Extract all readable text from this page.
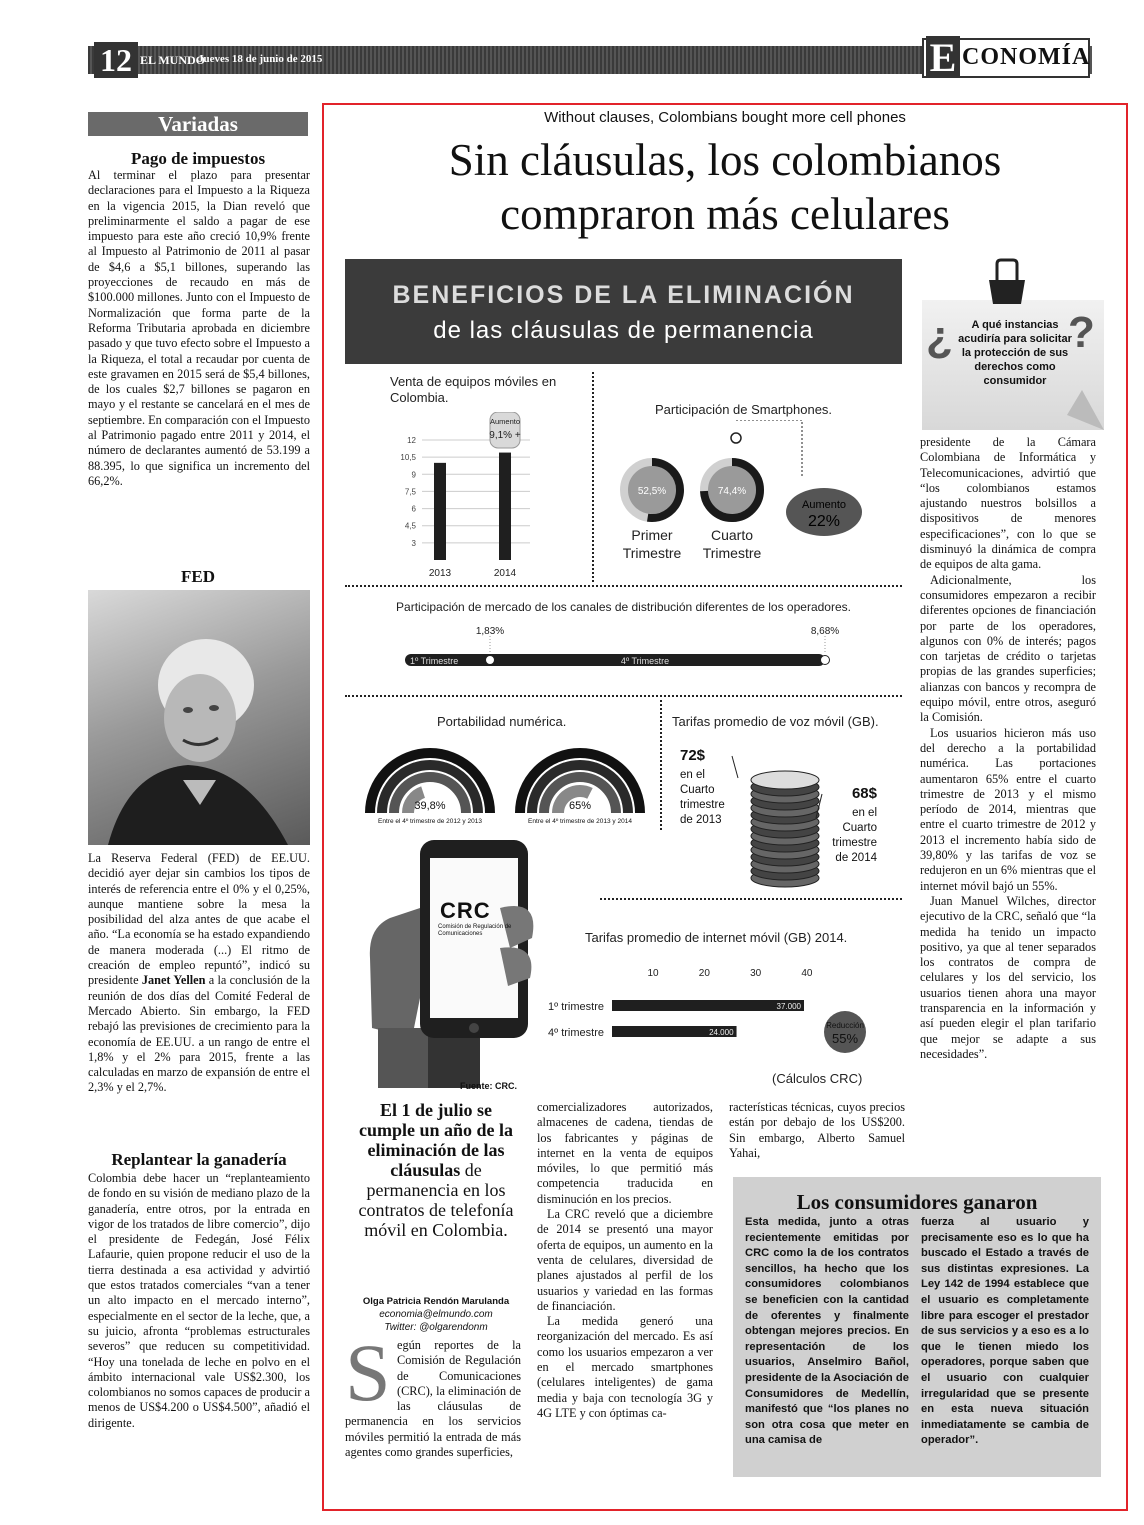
12 EL MUNDO
Jueves 18 de junio de 2015	E CONOMÍA
Variadas
Pago de impuestos
Al terminar el plazo para presentar declaraciones para el Impuesto a la Riqueza en la vigencia 2015, la Dian reveló que preliminarmente el saldo a pagar de ese impuesto para este año creció 10,9% frente al Impuesto al Patrimonio de 2011 al pasar de $4,6 a $5,1 billones, superando las proyecciones de recaudo en más de $100.000 millones. Junto con el Impuesto de Normalización que forma parte de la Reforma Tributaria aprobada en diciembre pasado y que tuvo efecto sobre el Impuesto a la Riqueza, el total a recaudar por cuenta de este gravamen en 2015 será de $5,4 billones, de los cuales $2,7 billones se pagaron en mayo y el restante se cancelará en el mes de septiembre. En comparación con el Impuesto al Patrimonio pagado entre 2011 y 2014, el número de declarantes aumentó de 53.199 a 88.395, lo que significa un incremento del 66,2%.
FED
La Reserva Federal (FED) de EE.UU. decidió ayer dejar sin cambios los tipos de interés de referencia entre el 0% y el 0,25%, aunque mantiene sobre la mesa la posibilidad del alza antes de que acabe el año. “La economía se ha estado expandiendo de manera moderada (...) El ritmo de creación de empleo repuntó”, indicó su presidente Janet Yellen a la conclusión de la reunión de dos días del Comité Federal de Mercado Abierto. Sin embargo, la FED rebajó las previsiones de crecimiento para la economía de EE.UU. a un rango de entre el 1,8% y el 2% para 2015, frente a las calculadas en marzo de expansión de entre el 2,3% y el 2,7%.
Replantear la ganadería
Colombia debe hacer un “replanteamiento de fondo en su visión de mediano plazo de la ganadería, entre otros, por la entrada en vigor de los tratados de libre comercio”, dijo el presidente de Fedegán, José Félix Lafaurie, quien propone reducir el uso de la tierra destinada a esa actividad y advirtió que estos tratados comerciales “van a tener un alto impacto en el mercado interno”, especialmente en el sector de la leche, que, a su juicio, afronta “problemas estructurales severos” que reducen su competitividad. “Hoy una tonelada de leche en polvo en el ámbito internacional vale US$2.300, los colombianos no somos capaces de producir a menos de US$4.200 o US$4.500”, añadió el dirigente.
Without clauses, Colombians bought more cell phones
Sin cláusulas, los colombianos
compraron más celulares
BENEFICIOS DE LA ELIMINACIÓN
de las cláusulas de permanencia	¿	?
A qué instancias acudiría para solicitar la protección de sus derechos como consumidor
Venta de equipos móviles en Colombia.
3
4,5
6
7,5
9
10,5
12
2013	2014
Aumento
9,1% +
Participación de Smartphones.
52,5%
Primer
Trimestre
74,4%
Cuarto
Trimestre
Aumento
22%
Participación de mercado de los canales de distribución diferentes de los operadores.
1º Trimestre	4º Trimestre
1,83%	8,68%
Portabilidad numérica.
39,8%
Entre el 4º trimestre de 2012 y 2013
65%
Entre el 4º trimestre de 2013 y 2014
Tarifas promedio de voz móvil (GB).
72$
en el
Cuarto
trimestre
de 2013
68$
en el
Cuarto
trimestre
de 2014
CRC
Comisión de Regulación de Comunicaciones
Fuente: CRC.
Tarifas promedio de internet móvil (GB) 2014.
10	20	30	40
1º trimestre	37.000
4º trimestre	24.000
Reducción
55%
(Cálculos CRC)
El 1 de julio se cumple un año de la eliminación de las cláusulas de permanencia en los contratos de telefonía móvil en Colombia.
Olga Patricia Rendón Marulanda
economia@elmundo.com
Twitter: @olgarendonm
S egún reportes de la Comisión de Regulación de Comunicaciones (CRC), la eliminación de las cláusulas de permanencia en los servicios móviles permitió la entrada de más agentes como grandes superficies,

comercializadores autorizados, almacenes de cadena, tiendas de los fabricantes y páginas de internet en la venta de equipos móviles, lo que permitió más competencia traducida en disminución en los precios.

La CRC reveló que a diciembre de 2014 se presentó una mayor oferta de equipos, un aumento en la venta de celulares, diversidad de planes ajustados al perfil de los usuarios y variedad en las formas de financiación.

La medida generó una reorganización del mercado. Es así como los usuarios empezaron a ver en el mercado smartphones (celulares inteligentes) de gama media y baja con tecnología 3G y 4G LTE y con óptimas ca-

racterísticas técnicas, cuyos precios están por debajo de los US$200. Sin embargo, Alberto Samuel Yahai,

presidente de la Cámara Colombiana de Informática y Telecomunicaciones, advirtió que “los colombianos estamos ajustando nuestros bolsillos a dispositivos de menores especificaciones”, con lo que se disminuyó la dinámica de compra de equipos de alta gama.

Adicionalmente, los consumidores empezaron a recibir diferentes opciones de financiación por parte de los operadores, algunos con 0% de interés; pagos con tarjetas de crédito o tarjetas propias de las grandes superficies; alianzas con bancos y recompra de equipo móvil, entre otros, aseguró la Comisión.

Los usuarios hicieron más uso del derecho a la portabilidad numérica. Las portaciones aumentaron 65% entre el cuarto trimestre de 2013 y el mismo período de 2014, mientras que entre el cuarto trimestre de 2012 y 2013 el incremento había sido de 39,80% y las tarifas de voz se redujeron en un 6% mientras que el internet móvil bajó un 55%.

Juan Manuel Wilches, director ejecutivo de la CRC, señaló que “la medida ha tenido un impacto positivo, ya que al tener separados los contratos de compra de celulares y los del servicio, los usuarios tienen ahora una mayor transparencia en la información y así pueden elegir el plan tarifario que mejor se adapte a sus necesidades”.

Los consumidores ganaron
Esta medida, junto a otras recientemente emitidas por CRC como la de los contratos sencillos, ha hecho que los consumidores colombianos se beneficien con la cantidad de oferentes y finalmente obtengan mejores precios. En representación de los usuarios, Anselmiro Bañol, presidente de la Asociación de Consumidores de Medellín, manifestó que “los planes no son otra cosa que meter en una camisa de
fuerza al usuario y precisamente eso es lo que ha buscado el Estado a través de sus distintas expresiones. La Ley 142 de 1994 establece que el usuario es completamente libre para escoger el prestador de sus servicios y a eso es a lo que le tienen miedo los operadores, porque saben que el usuario con cualquier irregularidad que se presente en esta nueva situación inmediatamente se cambia de operador”.
